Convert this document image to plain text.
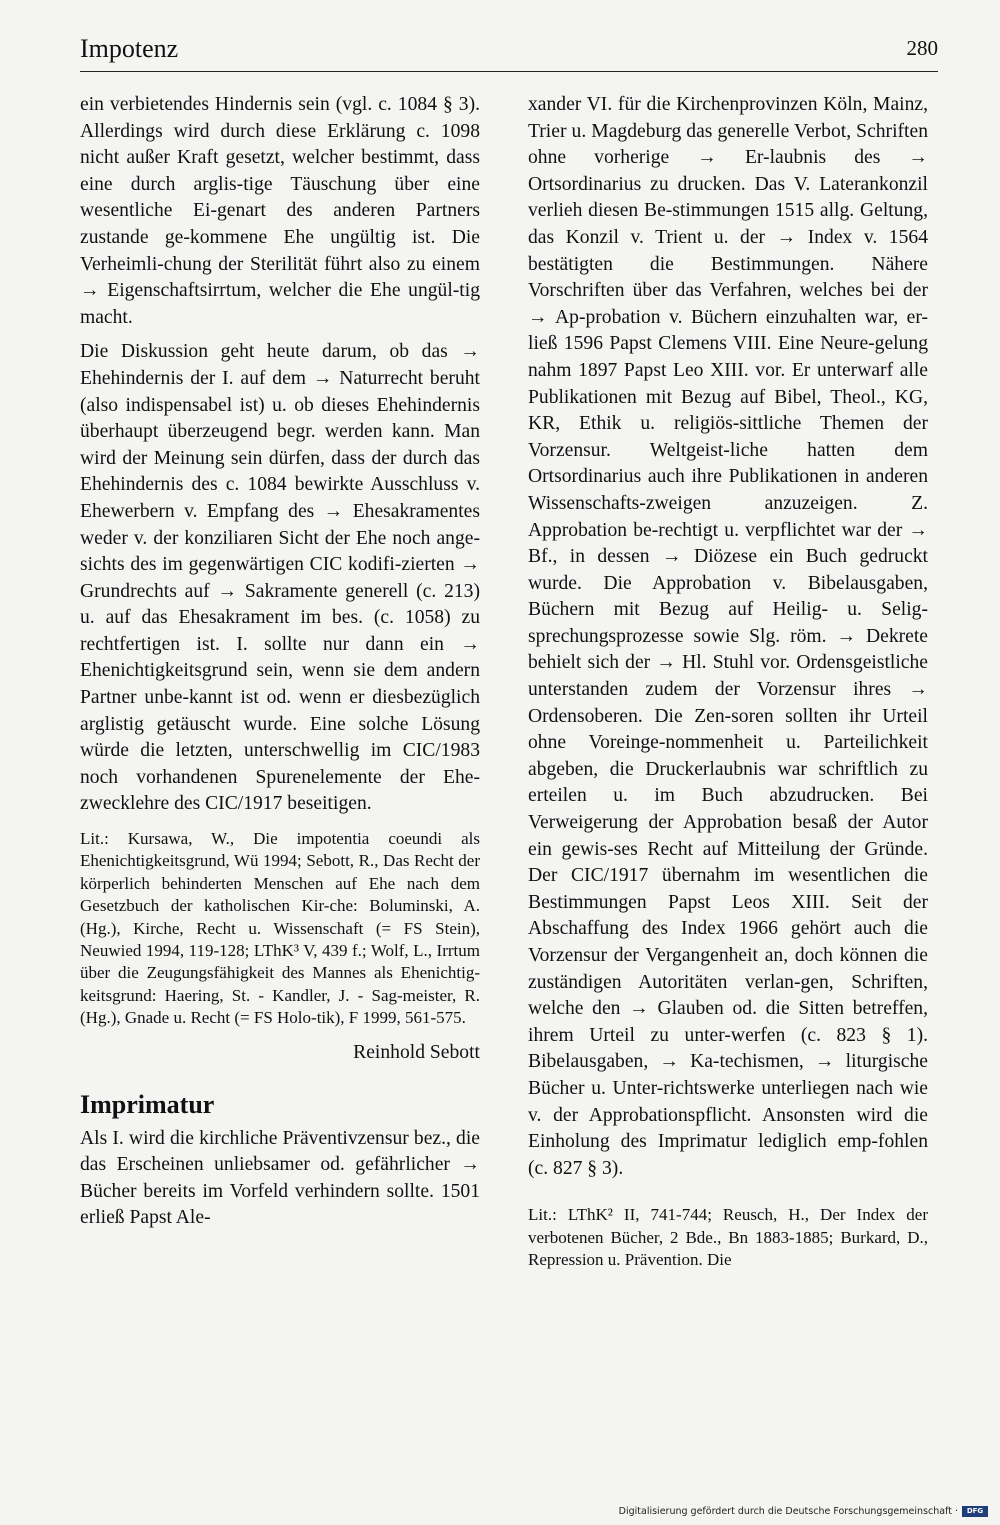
Impotenz	280

ein verbietendes Hindernis sein (vgl. c. 1084 § 3). Allerdings wird durch diese Erklärung c. 1098 nicht außer Kraft gesetzt, welcher bestimmt, dass eine durch arglis-tige Täuschung über eine wesentliche Ei-genart des anderen Partners zustande ge-kommene Ehe ungültig ist. Die Verheimli-chung der Sterilität führt also zu einem → Eigenschaftsirrtum, welcher die Ehe ungül-tig macht.

Die Diskussion geht heute darum, ob das → Ehehindernis der I. auf dem → Naturrecht beruht (also indispensabel ist) u. ob dieses Ehehindernis überhaupt überzeugend begr. werden kann. Man wird der Meinung sein dürfen, dass der durch das Ehehindernis des c. 1084 bewirkte Ausschluss v. Ehewerbern v. Empfang des → Ehesakramentes weder v. der konziliaren Sicht der Ehe noch ange-sichts des im gegenwärtigen CIC kodifi-zierten → Grundrechts auf → Sakramente generell (c. 213) u. auf das Ehesakrament im bes. (c. 1058) zu rechtfertigen ist. I. sollte nur dann ein → Ehenichtigkeitsgrund sein, wenn sie dem andern Partner unbe-kannt ist od. wenn er diesbezüglich arglistig getäuscht wurde. Eine solche Lösung würde die letzten, unterschwellig im CIC/1983 noch vorhandenen Spurenelemente der Ehe-zwecklehre des CIC/1917 beseitigen.

Lit.: Kursawa, W., Die impotentia coeundi als Ehenichtigkeitsgrund, Wü 1994; Sebott, R., Das Recht der körperlich behinderten Menschen auf Ehe nach dem Gesetzbuch der katholischen Kir-che: Boluminski, A. (Hg.), Kirche, Recht u. Wissenschaft (= FS Stein), Neuwied 1994, 119-128; LThK³ V, 439 f.; Wolf, L., Irrtum über die Zeugungsfähigkeit des Mannes als Ehenichtig-keitsgrund: Haering, St. - Kandler, J. - Sag-meister, R. (Hg.), Gnade u. Recht (= FS Holo-tik), F 1999, 561-575.

Reinhold Sebott
Imprimatur

Als I. wird die kirchliche Präventivzensur bez., die das Erscheinen unliebsamer od. gefährlicher → Bücher bereits im Vorfeld verhindern sollte. 1501 erließ Papst Ale-

xander VI. für die Kirchenprovinzen Köln, Mainz, Trier u. Magdeburg das generelle Verbot, Schriften ohne vorherige → Er-laubnis des → Ortsordinarius zu drucken. Das V. Laterankonzil verlieh diesen Be-stimmungen 1515 allg. Geltung, das Konzil v. Trient u. der → Index v. 1564 bestätigten die Bestimmungen. Nähere Vorschriften über das Verfahren, welches bei der → Ap-probation v. Büchern einzuhalten war, er-ließ 1596 Papst Clemens VIII. Eine Neure-gelung nahm 1897 Papst Leo XIII. vor. Er unterwarf alle Publikationen mit Bezug auf Bibel, Theol., KG, KR, Ethik u. religiös-sittliche Themen der Vorzensur. Weltgeist-liche hatten dem Ortsordinarius auch ihre Publikationen in anderen Wissenschafts-zweigen anzuzeigen. Z. Approbation be-rechtigt u. verpflichtet war der → Bf., in dessen → Diözese ein Buch gedruckt wurde. Die Approbation v. Bibelausgaben, Büchern mit Bezug auf Heilig- u. Selig-sprechungsprozesse sowie Slg. röm. → Dekrete behielt sich der → Hl. Stuhl vor. Ordensgeistliche unterstanden zudem der Vorzensur ihres → Ordensoberen. Die Zen-soren sollten ihr Urteil ohne Voreinge-nommenheit u. Parteilichkeit abgeben, die Druckerlaubnis war schriftlich zu erteilen u. im Buch abzudrucken. Bei Verweigerung der Approbation besaß der Autor ein gewis-ses Recht auf Mitteilung der Gründe. Der CIC/1917 übernahm im wesentlichen die Bestimmungen Papst Leos XIII. Seit der Abschaffung des Index 1966 gehört auch die Vorzensur der Vergangenheit an, doch können die zuständigen Autoritäten verlan-gen, Schriften, welche den → Glauben od. die Sitten betreffen, ihrem Urteil zu unter-werfen (c. 823 § 1). Bibelausgaben, → Ka-techismen, → liturgische Bücher u. Unter-richtswerke unterliegen nach wie v. der Approbationspflicht. Ansonsten wird die Einholung des Imprimatur lediglich emp-fohlen (c. 827 § 3).

Lit.: LThK² II, 741-744; Reusch, H., Der Index der verbotenen Bücher, 2 Bde., Bn 1883-1885; Burkard, D., Repression u. Prävention. Die

Digitalisierung gefördert durch die Deutsche Forschungsgemeinschaft ·	DFG
